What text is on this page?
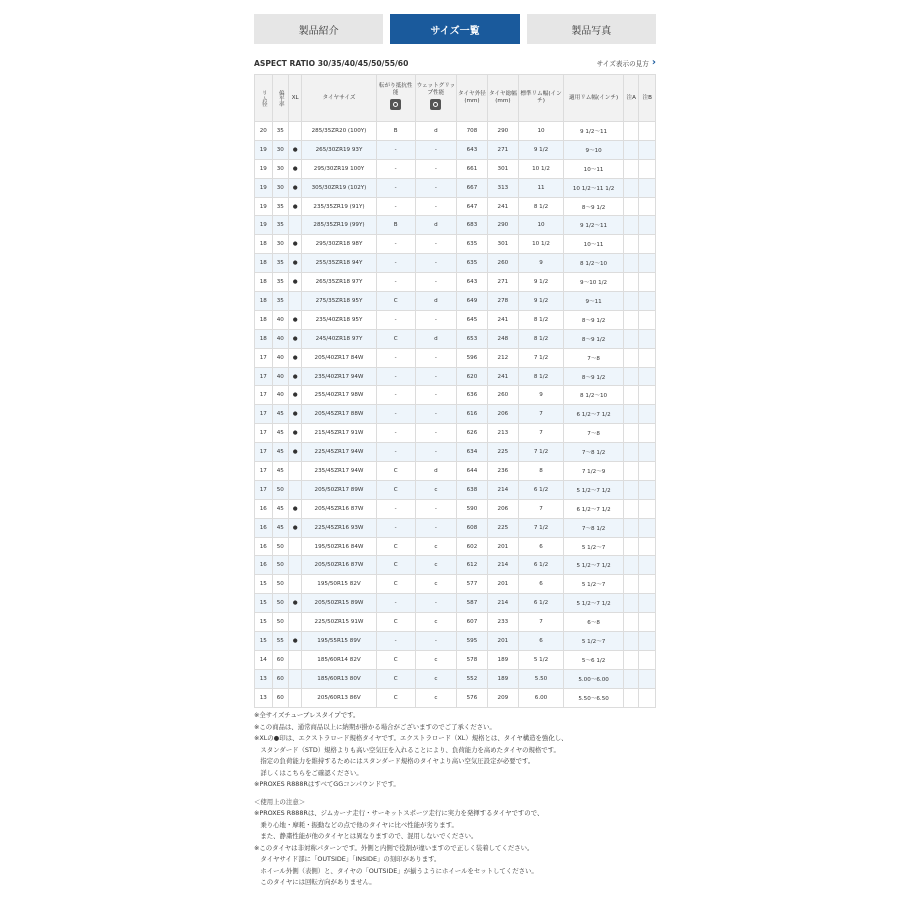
製品紹介	サイズ一覧	製品写真
ASPECT RATIO 30/35/40/45/50/55/60	サイズ表示の見方 ›
リム径	偏平率	XL	タイヤサイズ	転がり抵抗性能	ウェットグリップ性能	タイヤ外径(mm)	タイヤ総幅(mm)	標準リム幅(インチ)	適用リム幅(インチ)	注A	注B
20	35		285/35ZR20 (100Y)	B	d	708	290	10	9 1/2～11		
19	30	●	265/30ZR19 93Y	-	-	643	271	9 1/2	9～10		
19	30	●	295/30ZR19 100Y	-	-	661	301	10 1/2	10～11		
19	30	●	305/30ZR19 (102Y)	-	-	667	313	11	10 1/2～11 1/2		
19	35	●	235/35ZR19 (91Y)	-	-	647	241	8 1/2	8～9 1/2		
19	35		285/35ZR19 (99Y)	B	d	683	290	10	9 1/2～11		
18	30	●	295/30ZR18 98Y	-	-	635	301	10 1/2	10～11		
18	35	●	255/35ZR18 94Y	-	-	635	260	9	8 1/2～10		
18	35	●	265/35ZR18 97Y	-	-	643	271	9 1/2	9～10 1/2		
18	35		275/35ZR18 95Y	C	d	649	278	9 1/2	9～11		
18	40	●	235/40ZR18 95Y	-	-	645	241	8 1/2	8～9 1/2		
18	40	●	245/40ZR18 97Y	C	d	653	248	8 1/2	8～9 1/2		
17	40	●	205/40ZR17 84W	-	-	596	212	7 1/2	7～8		
17	40	●	235/40ZR17 94W	-	-	620	241	8 1/2	8～9 1/2		
17	40	●	255/40ZR17 98W	-	-	636	260	9	8 1/2～10		
17	45	●	205/45ZR17 88W	-	-	616	206	7	6 1/2～7 1/2		
17	45	●	215/45ZR17 91W	-	-	626	213	7	7～8		
17	45	●	225/45ZR17 94W	-	-	634	225	7 1/2	7～8 1/2		
17	45		235/45ZR17 94W	C	d	644	236	8	7 1/2～9		
17	50		205/50ZR17 89W	C	c	638	214	6 1/2	5 1/2～7 1/2		
16	45	●	205/45ZR16 87W	-	-	590	206	7	6 1/2～7 1/2		
16	45	●	225/45ZR16 93W	-	-	608	225	7 1/2	7～8 1/2		
16	50		195/50ZR16 84W	C	c	602	201	6	5 1/2～7		
16	50		205/50ZR16 87W	C	c	612	214	6 1/2	5 1/2～7 1/2		
15	50		195/50R15 82V	C	c	577	201	6	5 1/2～7		
15	50	●	205/50ZR15 89W	-	-	587	214	6 1/2	5 1/2～7 1/2		
15	50		225/50ZR15 91W	C	c	607	233	7	6～8		
15	55	●	195/55R15 89V	-	-	595	201	6	5 1/2～7		
14	60		185/60R14 82V	C	c	578	189	5 1/2	5～6 1/2		
13	60		185/60R13 80V	C	c	552	189	5.50	5.00～6.00		
13	60		205/60R13 86V	C	c	576	209	6.00	5.50～6.50		

※全サイズチューブレスタイプです。

※この商品は、通常商品以上に納期が掛かる場合がございますのでご了承ください。

※XLの●印は、エクストラロード規格タイヤです。エクストラロード（XL）規格とは、タイヤ構造を強化し、

　スタンダード（STD）規格よりも高い空気圧を入れることにより、負荷能力を高めたタイヤの規格です。

　指定の負荷能力を維持するためにはスタンダード規格のタイヤより高い空気圧設定が必要です。

　詳しくはこちらをご確認ください。

※PROXES R888RはすべてGGコンパウンドです。

＜使用上の注意＞

※PROXES R888Rは、ジムカーナ走行・サーキットスポーツ走行に実力を発揮するタイヤですので、

　乗り心地・摩耗・振動などの点で他のタイヤに比べ性能が劣ります。

　また、静粛性能が他のタイヤとは異なりますので、混用しないでください。

※このタイヤは非対称パターンです。外側と内側で役割が違いますので正しく装着してください。

　タイヤサイド部に「OUTSIDE」「INSIDE」の刻印があります。

　ホイール外側（表側）と、タイヤの「OUTSIDE」が揃うようにホイールをセットしてください。

　このタイヤには回転方向がありません。
